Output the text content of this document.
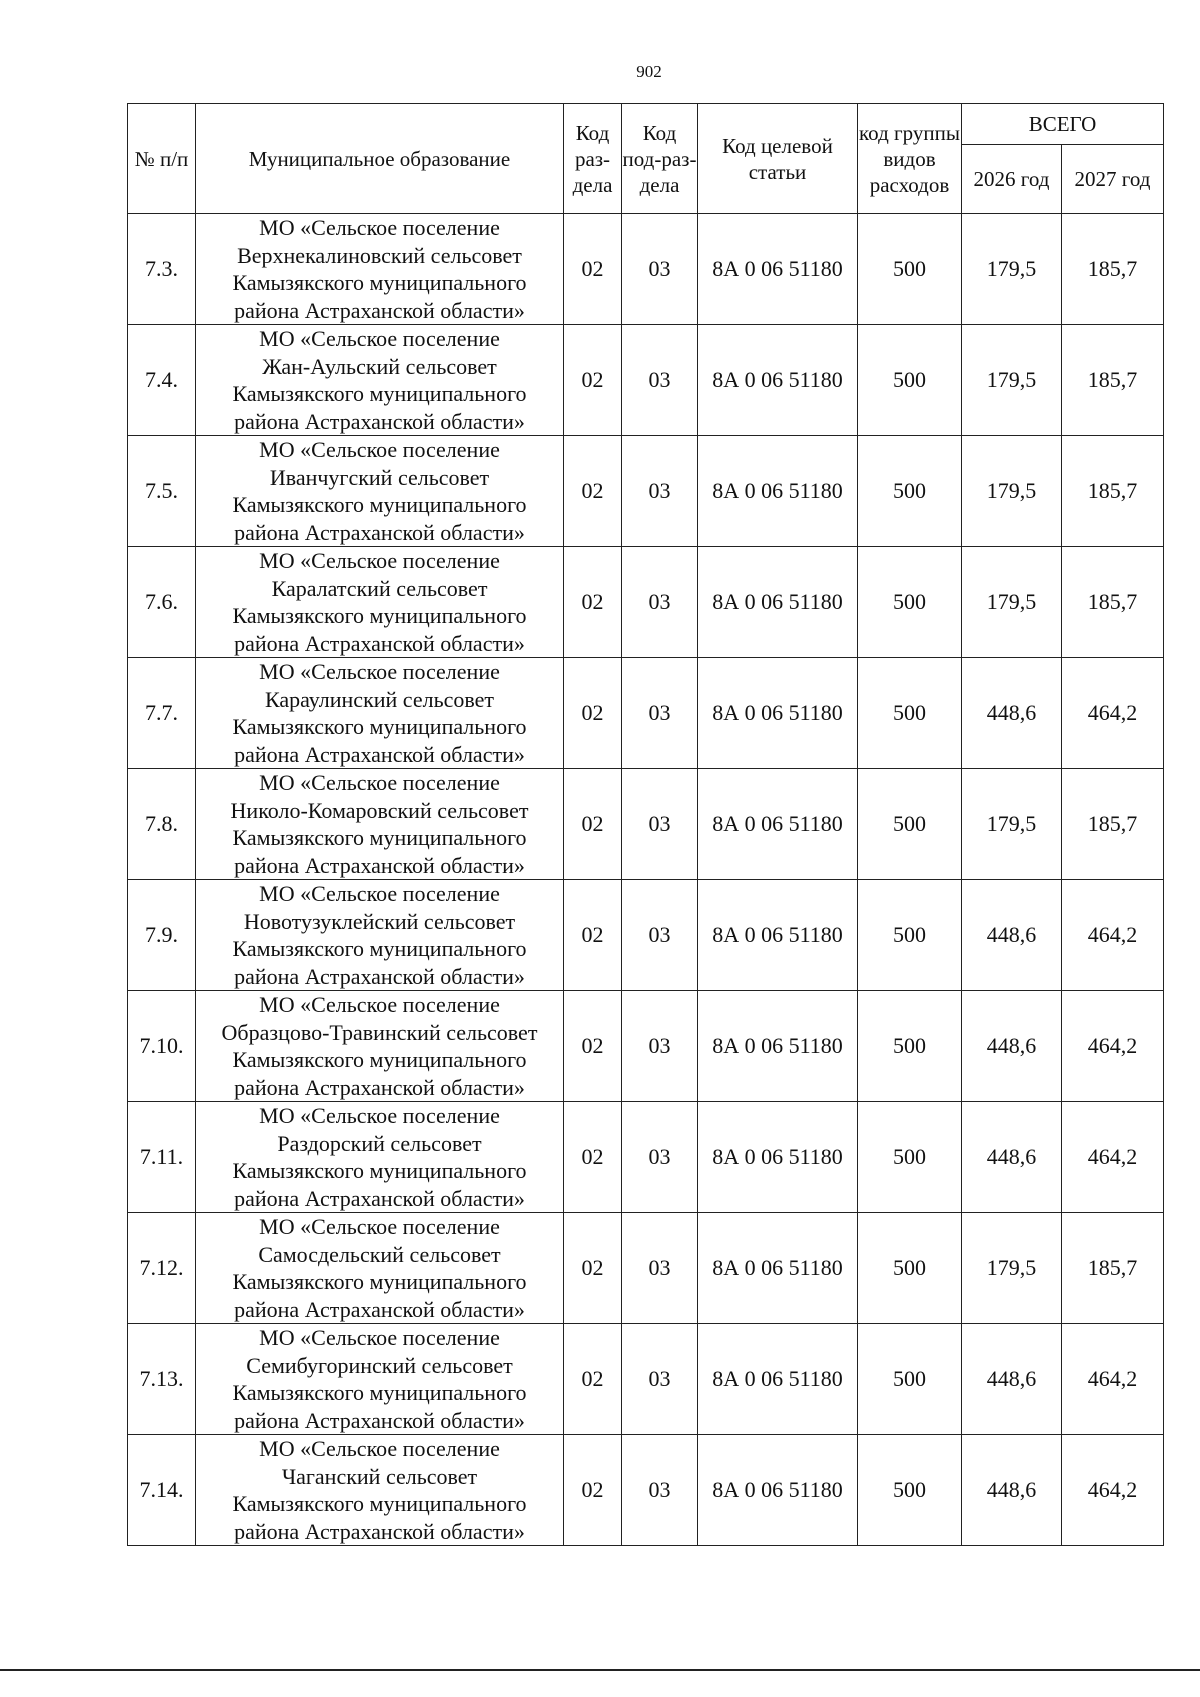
902
№ п/п	Муниципальное образование	Код раз-дела	Код под-раз-дела	Код целевой статьи	код группы видов расходов	ВСЕГО	
						2026 год	2027 год
7.3.	МО «Сельское поселение
Верхнекалиновский сельсовет
Камызякского муниципального
района Астраханской области»	02	03	8А 0 06 51180	500	179,5	185,7
7.4.	МО «Сельское поселение
Жан-Аульский сельсовет
Камызякского муниципального
района Астраханской области»	02	03	8А 0 06 51180	500	179,5	185,7
7.5.	МО «Сельское поселение
Иванчугский сельсовет
Камызякского муниципального
района Астраханской области»	02	03	8А 0 06 51180	500	179,5	185,7
7.6.	МО «Сельское поселение
Каралатский сельсовет
Камызякского муниципального
района Астраханской области»	02	03	8А 0 06 51180	500	179,5	185,7
7.7.	МО «Сельское поселение
Караулинский сельсовет
Камызякского муниципального
района Астраханской области»	02	03	8А 0 06 51180	500	448,6	464,2
7.8.	МО «Сельское поселение
Николо-Комаровский сельсовет
Камызякского муниципального
района Астраханской области»	02	03	8А 0 06 51180	500	179,5	185,7
7.9.	МО «Сельское поселение
Новотузуклейский сельсовет
Камызякского муниципального
района Астраханской области»	02	03	8А 0 06 51180	500	448,6	464,2
7.10.	МО «Сельское поселение
Образцово-Травинский сельсовет
Камызякского муниципального
района Астраханской области»	02	03	8А 0 06 51180	500	448,6	464,2
7.11.	МО «Сельское поселение
Раздорский сельсовет
Камызякского муниципального
района Астраханской области»	02	03	8А 0 06 51180	500	448,6	464,2
7.12.	МО «Сельское поселение
Самосдельский сельсовет
Камызякского муниципального
района Астраханской области»	02	03	8А 0 06 51180	500	179,5	185,7
7.13.	МО «Сельское поселение
Семибугоринский сельсовет
Камызякского муниципального
района Астраханской области»	02	03	8А 0 06 51180	500	448,6	464,2
7.14.	МО «Сельское поселение
Чаганский сельсовет
Камызякского муниципального
района Астраханской области»	02	03	8А 0 06 51180	500	448,6	464,2
